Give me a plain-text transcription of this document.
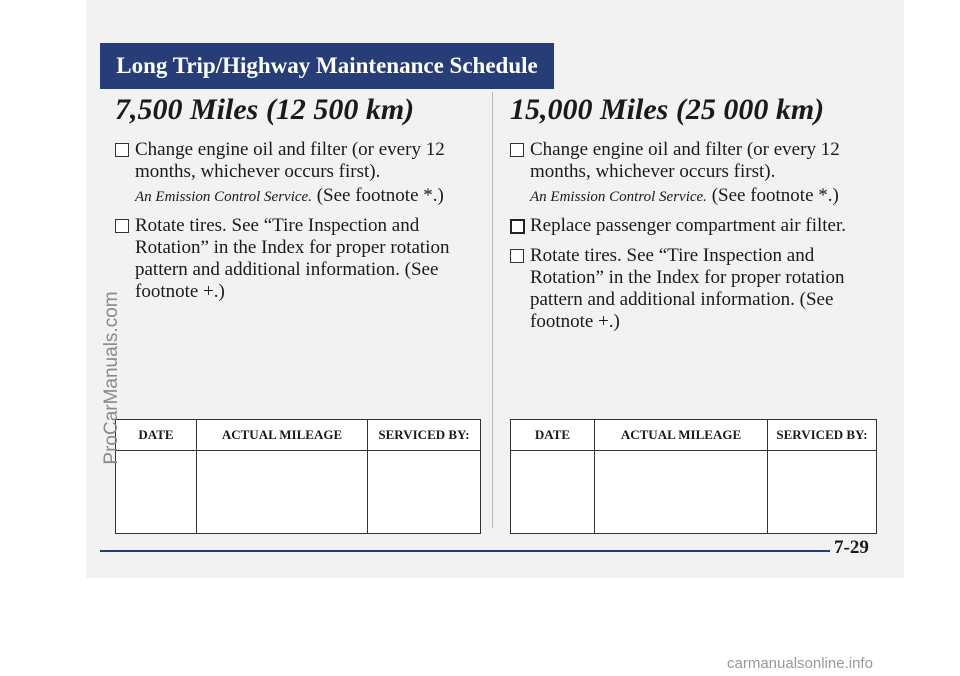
Long Trip/Highway Maintenance Schedule
7,500 Miles (12 500 km)
Change engine oil and filter (or every 12 months, whichever occurs first).
An Emission Control Service. (See footnote *.)
Rotate tires. See “Tire Inspection and Rotation” in the Index for proper rotation pattern and additional information. (See footnote +.)
DATE	ACTUAL MILEAGE	SERVICED BY:

15,000 Miles (25 000 km)
Change engine oil and filter (or every 12 months, whichever occurs first).
An Emission Control Service. (See footnote *.)
Replace passenger compartment air filter.
Rotate tires. See “Tire Inspection and Rotation” in the Index for proper rotation pattern and additional information. (See footnote +.)
DATE	ACTUAL MILEAGE	SERVICED BY:

7-29
ProCarManuals.com
carmanualsonline.info
